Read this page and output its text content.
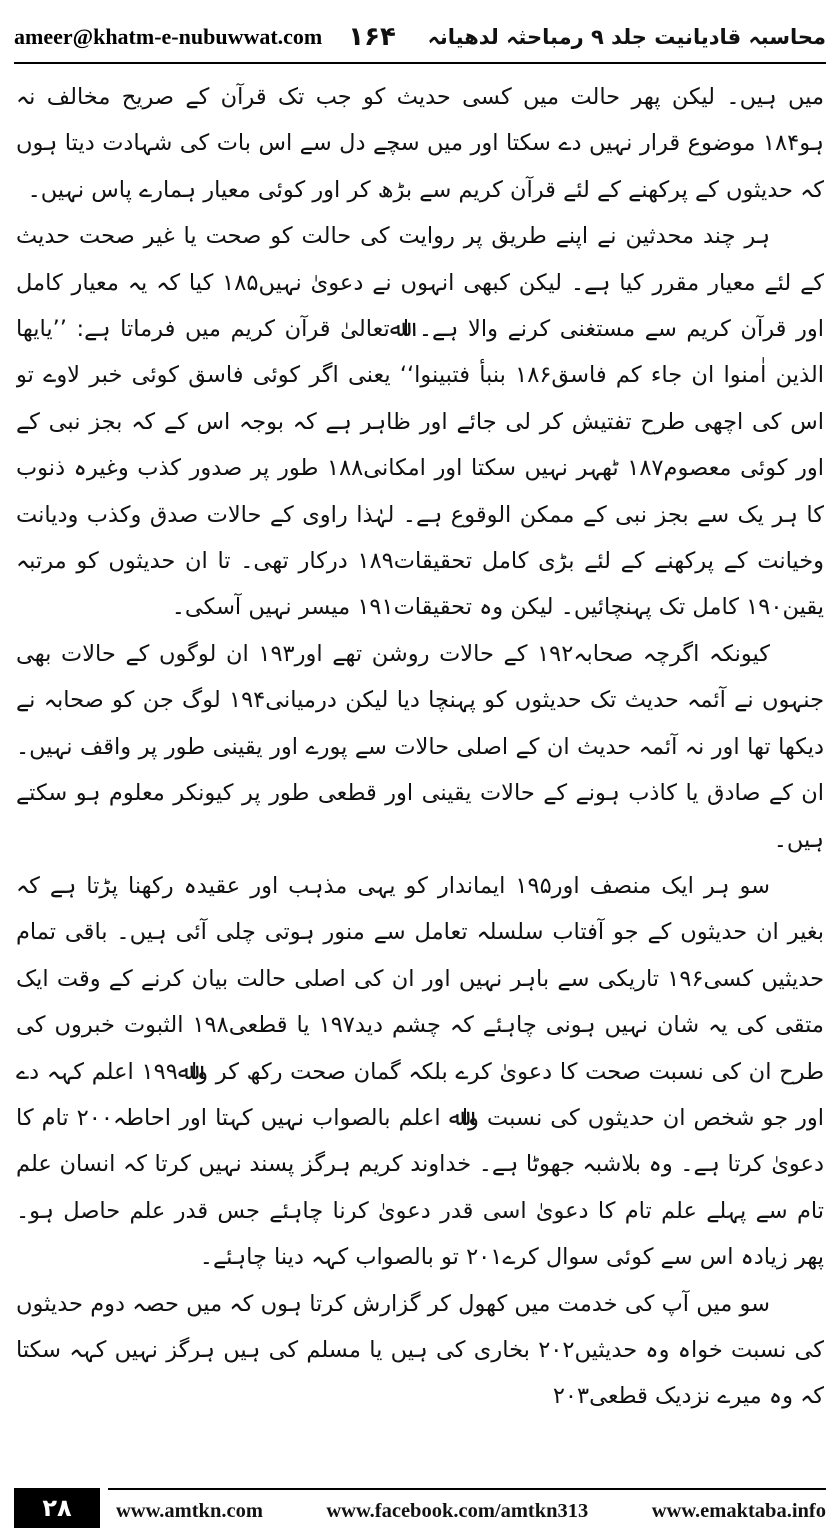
ameer@khatm-e-nubuwwat.com ۱۶۴ محاسبہ قادیانیت جلد ۹ رمباحثہ لدھیانہ

میں ہیں۔ لیکن پھر حالت میں کسی حدیث کو جب تک قرآن کے صریح مخالف نہ ہو۱۸۴ موضوع قرار نہیں دے سکتا اور میں سچے دل سے اس بات کی شہادت دیتا ہوں کہ حدیثوں کے پرکھنے کے لئے قرآن کریم سے بڑھ کر اور کوئی معیار ہمارے پاس نہیں۔

ہر چند محدثین نے اپنے طریق پر روایت کی حالت کو صحت یا غیر صحت حدیث کے لئے معیار مقرر کیا ہے۔ لیکن کبھی انہوں نے دعویٰ نہیں۱۸۵ کیا کہ یہ معیار کامل اور قرآن کریم سے مستغنی کرنے والا ہے۔ اﷲتعالیٰ قرآن کریم میں فرماتا ہے: ’’یایها الذین اٰمنوا ان جاء کم فاسق۱۸۶ بنبأ فتبینوا‘‘ یعنی اگر کوئی فاسق کوئی خبر لاوے تو اس کی اچھی طرح تفتیش کر لی جائے اور ظاہر ہے کہ بوجہ اس کے کہ بجز نبی کے اور کوئی معصوم۱۸۷ ٹھہر نہیں سکتا اور امکانی۱۸۸ طور پر صدور کذب وغیرہ ذنوب کا ہر یک سے بجز نبی کے ممکن الوقوع ہے۔ لہٰذا راوی کے حالات صدق وکذب ودیانت وخیانت کے پرکھنے کے لئے بڑی کامل تحقیقات۱۸۹ درکار تھی۔ تا ان حدیثوں کو مرتبہ یقین۱۹۰ کامل تک پہنچائیں۔ لیکن وہ تحقیقات۱۹۱ میسر نہیں آسکی۔

کیونکہ اگرچہ صحابہ۱۹۲ کے حالات روشن تھے اور۱۹۳ ان لوگوں کے حالات بھی جنہوں نے آئمہ حدیث تک حدیثوں کو پہنچا دیا لیکن درمیانی۱۹۴ لوگ جن کو صحابہ نے دیکھا تھا اور نہ آئمہ حدیث ان کے اصلی حالات سے پورے اور یقینی طور پر واقف نہیں۔ ان کے صادق یا کاذب ہونے کے حالات یقینی اور قطعی طور پر کیونکر معلوم ہو سکتے ہیں۔

سو ہر ایک منصف اور۱۹۵ ایماندار کو یہی مذہب اور عقیدہ رکھنا پڑتا ہے کہ بغیر ان حدیثوں کے جو آفتاب سلسلہ تعامل سے منور ہوتی چلی آئی ہیں۔ باقی تمام حدیثیں کسی۱۹۶ تاریکی سے باہر نہیں اور ان کی اصلی حالت بیان کرنے کے وقت ایک متقی کی یہ شان نہیں ہونی چاہئے کہ چشم دید۱۹۷ یا قطعی۱۹۸ الثبوت خبروں کی طرح ان کی نسبت صحت کا دعویٰ کرے بلکہ گمان صحت رکھ کر واﷲ۱۹۹ اعلم کہہ دے اور جو شخص ان حدیثوں کی نسبت واﷲ اعلم بالصواب نہیں کہتا اور احاطہ۲۰۰ تام کا دعویٰ کرتا ہے۔ وہ بلاشبہ جھوٹا ہے۔ خداوند کریم ہرگز پسند نہیں کرتا کہ انسان علم تام سے پہلے علم تام کا دعویٰ اسی قدر دعویٰ کرنا چاہئے جس قدر علم حاصل ہو۔ پھر زیادہ اس سے کوئی سوال کرے۲۰۱ تو بالصواب کہہ دینا چاہئے۔

سو میں آپ کی خدمت میں کھول کر گزارش کرتا ہوں کہ میں حصہ دوم حدیثوں کی نسبت خواہ وہ حدیثیں۲۰۲ بخاری کی ہیں یا مسلم کی ہیں ہرگز نہیں کہہ سکتا کہ وہ میرے نزدیک قطعی۲۰۳

۲۸	www.amtkn.com	www.facebook.com/amtkn313	www.emaktaba.info
